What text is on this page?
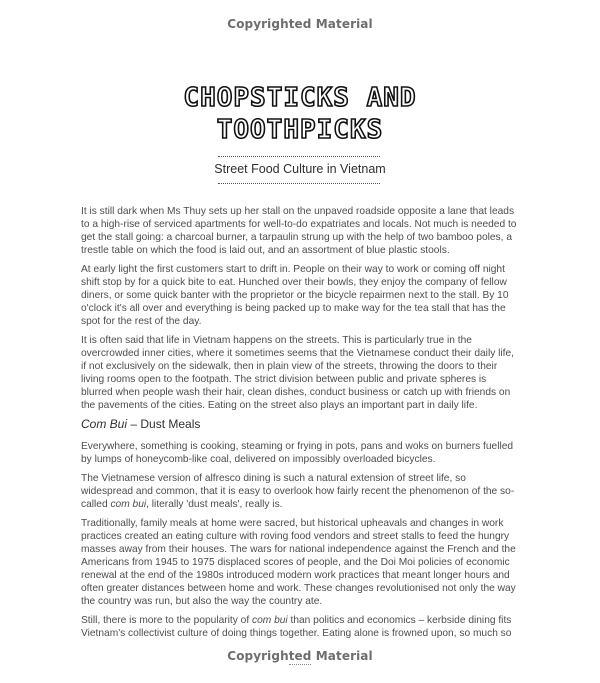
Copyrighted Material
CHOPSTICKS AND
TOOTHPICKS
Street Food Culture in Vietnam

It is still dark when Ms Thuy sets up her stall on the unpaved roadside opposite a lane that leads to a high-rise of serviced apartments for well-to-do expatriates and locals. Not much is needed to get the stall going: a charcoal burner, a tarpaulin strung up with the help of two bamboo poles, a trestle table on which the food is laid out, and an assortment of blue plastic stools.

At early light the first customers start to drift in. People on their way to work or coming off night shift stop by for a quick bite to eat. Hunched over their bowls, they enjoy the company of fellow diners, or some quick banter with the proprietor or the bicycle repairmen next to the stall. By 10 o'clock it's all over and everything is being packed up to make way for the tea stall that has the spot for the rest of the day.

It is often said that life in Vietnam happens on the streets. This is particularly true in the overcrowded inner cities, where it sometimes seems that the Vietnamese conduct their daily life, if not exclusively on the sidewalk, then in plain view of the streets, throwing the doors to their living rooms open to the footpath. The strict division between public and private spheres is blurred when people wash their hair, clean dishes, conduct business or catch up with friends on the pavements of the cities. Eating on the street also plays an important part in daily life.

Com Bui – Dust Meals

Everywhere, something is cooking, steaming or frying in pots, pans and woks on burners fuelled by lumps of honeycomb-like coal, delivered on impossibly overloaded bicycles.

The Vietnamese version of alfresco dining is such a natural extension of street life, so widespread and common, that it is easy to overlook how fairly recent the phenomenon of the so-called com bui, literally 'dust meals', really is.

Traditionally, family meals at home were sacred, but historical upheavals and changes in work practices created an eating culture with roving food vendors and street stalls to feed the hungry masses away from their houses. The wars for national independence against the French and the Americans from 1945 to 1975 displaced scores of people, and the Doi Moi policies of economic renewal at the end of the 1980s introduced modern work practices that meant longer hours and often greater distances between home and work. These changes revolutionised not only the way the country was run, but also the way the country ate.

Still, there is more to the popularity of com bui than politics and economics – kerbside dining fits Vietnam's collectivist culture of doing things together. Eating alone is frowned upon, so much so

Copyrighted Material
